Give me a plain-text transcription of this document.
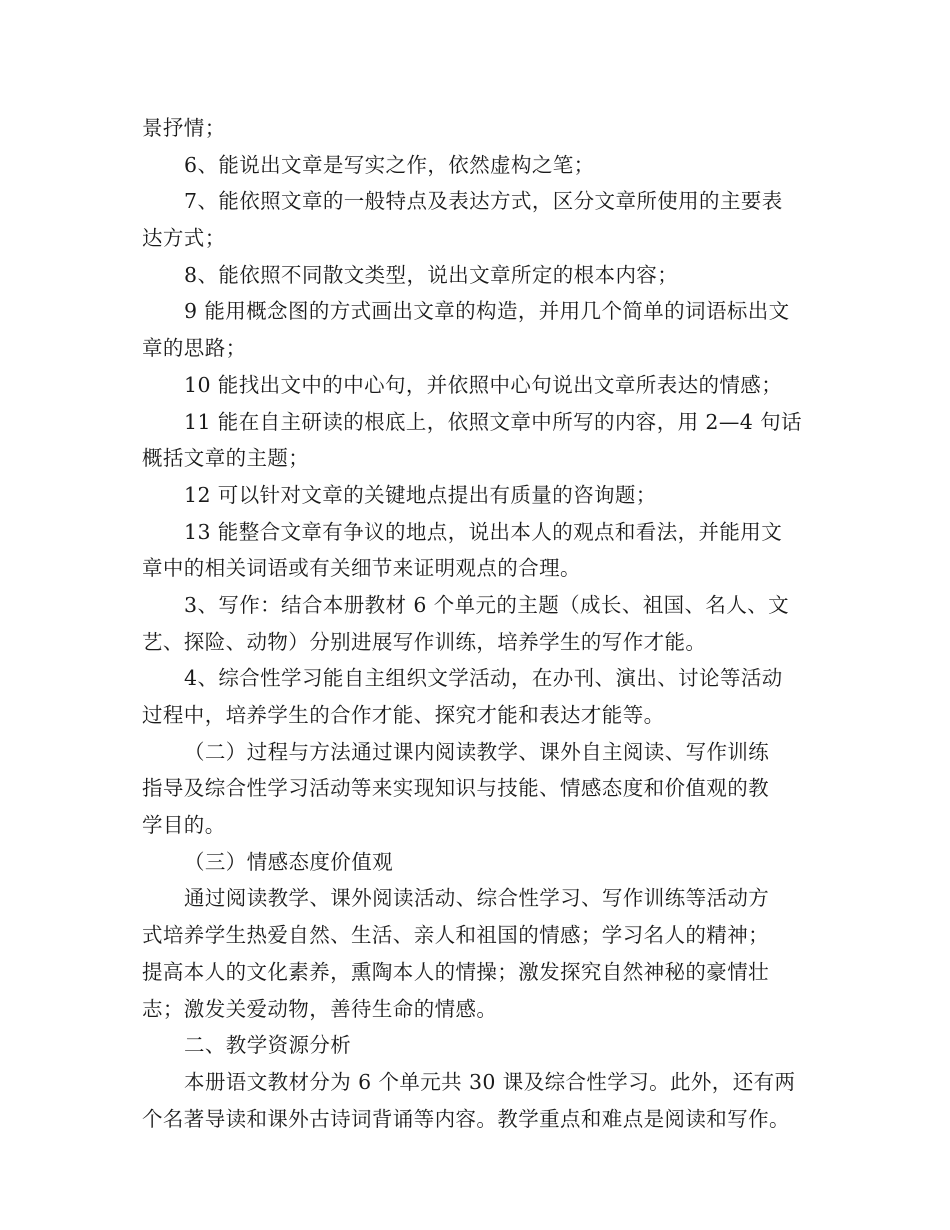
景抒情；
6、能说出文章是写实之作，依然虚构之笔；
7、能依照文章的一般特点及表达方式，区分文章所使用的主要表
达方式；
8、能依照不同散文类型，说出文章所定的根本内容；
9 能用概念图的方式画出文章的构造，并用几个简单的词语标出文
章的思路；
10 能找出文中的中心句，并依照中心句说出文章所表达的情感；
11 能在自主研读的根底上，依照文章中所写的内容，用 2—4 句话
概括文章的主题；
12 可以针对文章的关键地点提出有质量的咨询题；
13 能整合文章有争议的地点，说出本人的观点和看法，并能用文
章中的相关词语或有关细节来证明观点的合理。
3、写作：结合本册教材 6 个单元的主题（成长、祖国、名人、文
艺、探险、动物）分别进展写作训练，培养学生的写作才能。
4、综合性学习能自主组织文学活动，在办刊、演出、讨论等活动
过程中，培养学生的合作才能、探究才能和表达才能等。
（二）过程与方法通过课内阅读教学、课外自主阅读、写作训练
指导及综合性学习活动等来实现知识与技能、情感态度和价值观的教
学目的。
（三）情感态度价值观
通过阅读教学、课外阅读活动、综合性学习、写作训练等活动方
式培养学生热爱自然、生活、亲人和祖国的情感；学习名人的精神；
提高本人的文化素养，熏陶本人的情操；激发探究自然神秘的豪情壮
志；激发关爱动物，善待生命的情感。
二、教学资源分析
本册语文教材分为 6 个单元共 30 课及综合性学习。此外，还有两
个名著导读和课外古诗词背诵等内容。教学重点和难点是阅读和写作。
